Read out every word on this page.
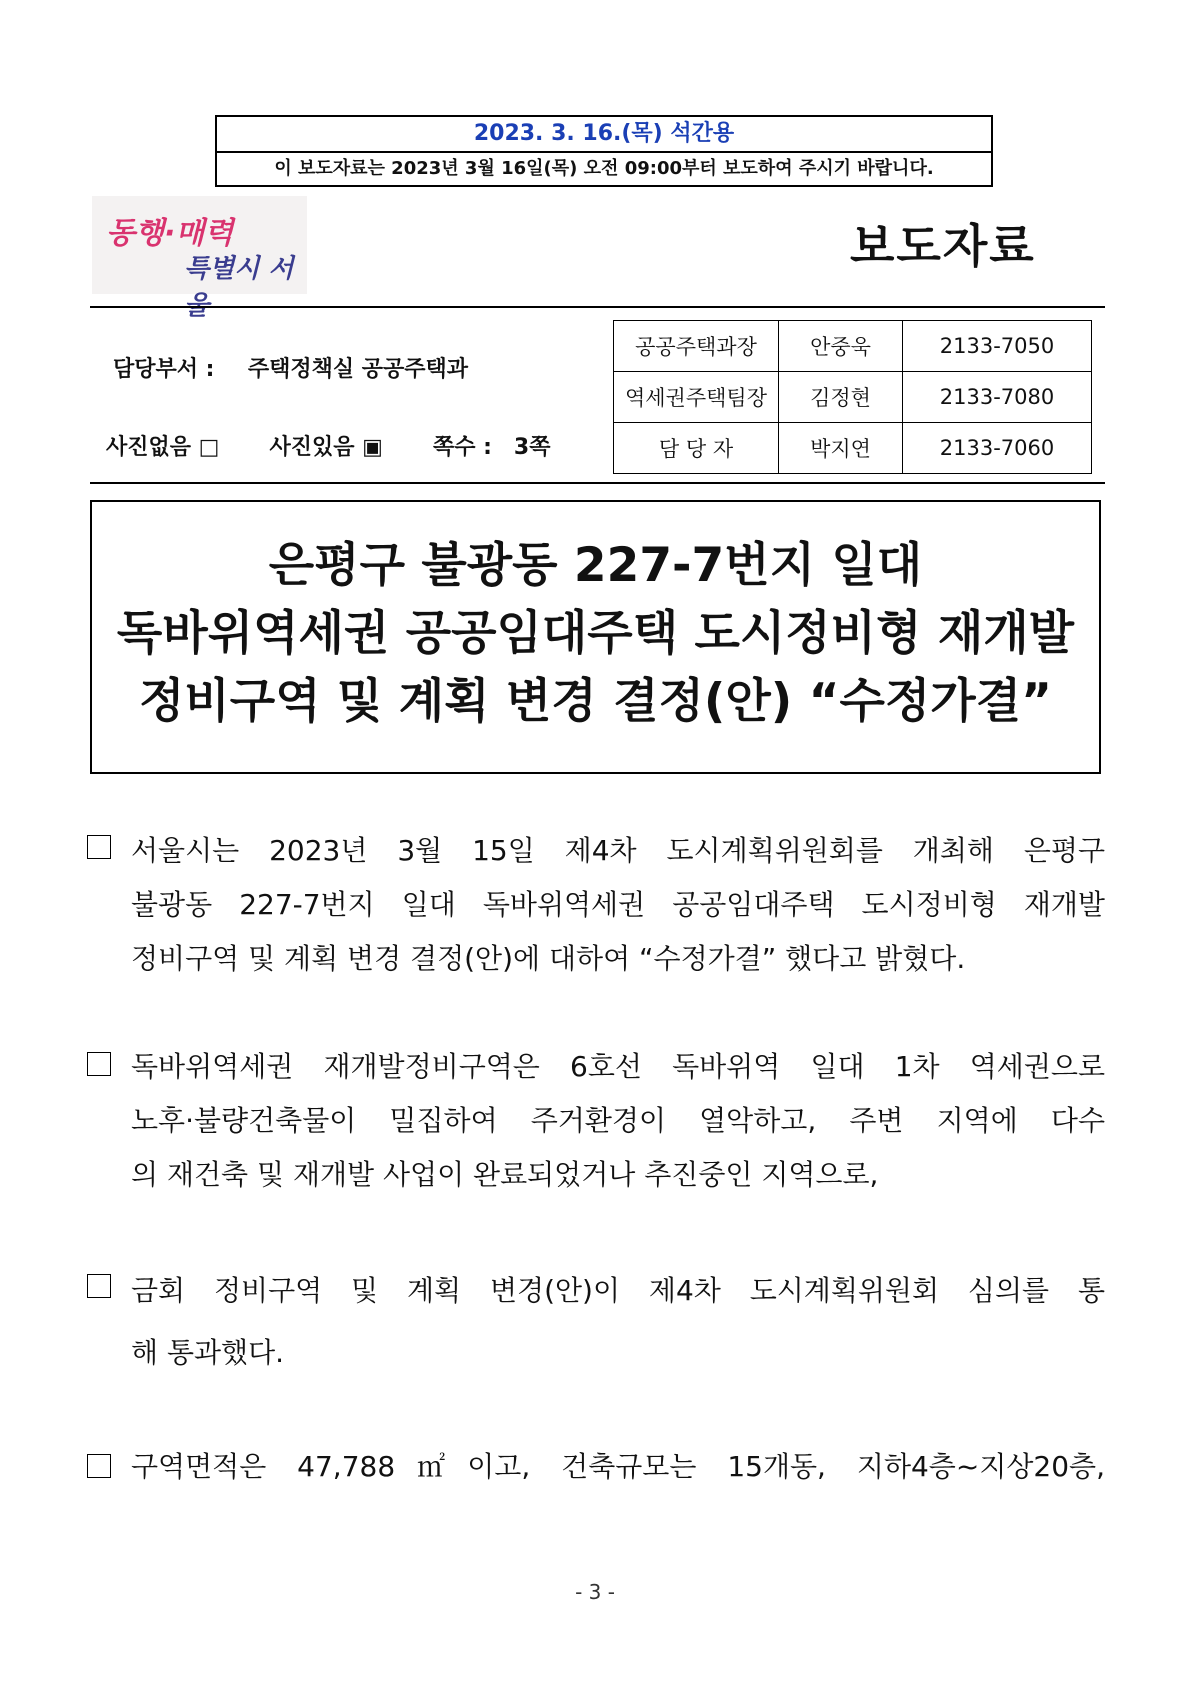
2023. 3. 16.(목) 석간용
이 보도자료는 2023년 3월 16일(목) 오전 09:00부터 보도하여 주시기 바랍니다.
동행·매력
특별시 서울
보도자료
담당부서 : 주택정책실 공공주택과
사진없음 □ 사진있음 ▣ 쪽수 : 3쪽
공공주택과장	안중욱	2133-7050
역세권주택팀장	김정현	2133-7080
담 당 자	박지연	2133-7060
은평구 불광동 227-7번지 일대
독바위역세권 공공임대주택 도시정비형 재개발
정비구역 및 계획 변경 결정(안) “수정가결”
서울시는 2023년 3월 15일 제4차 도시계획위원회를 개최해 은평구
불광동 227-7번지 일대 독바위역세권 공공임대주택 도시정비형 재개발
정비구역 및 계획 변경 결정(안)에 대하여 “수정가결” 했다고 밝혔다.
독바위역세권 재개발정비구역은 6호선 독바위역 일대 1차 역세권으로
노후·불량건축물이 밀집하여 주거환경이 열악하고, 주변 지역에 다수
의 재건축 및 재개발 사업이 완료되었거나 추진중인 지역으로,
금회 정비구역 및 계획 변경(안)이 제4차 도시계획위원회 심의를 통
해 통과했다.
구역면적은 47,788㎡이고, 건축규모는 15개동, 지하4층~지상20층,
- 3 -
